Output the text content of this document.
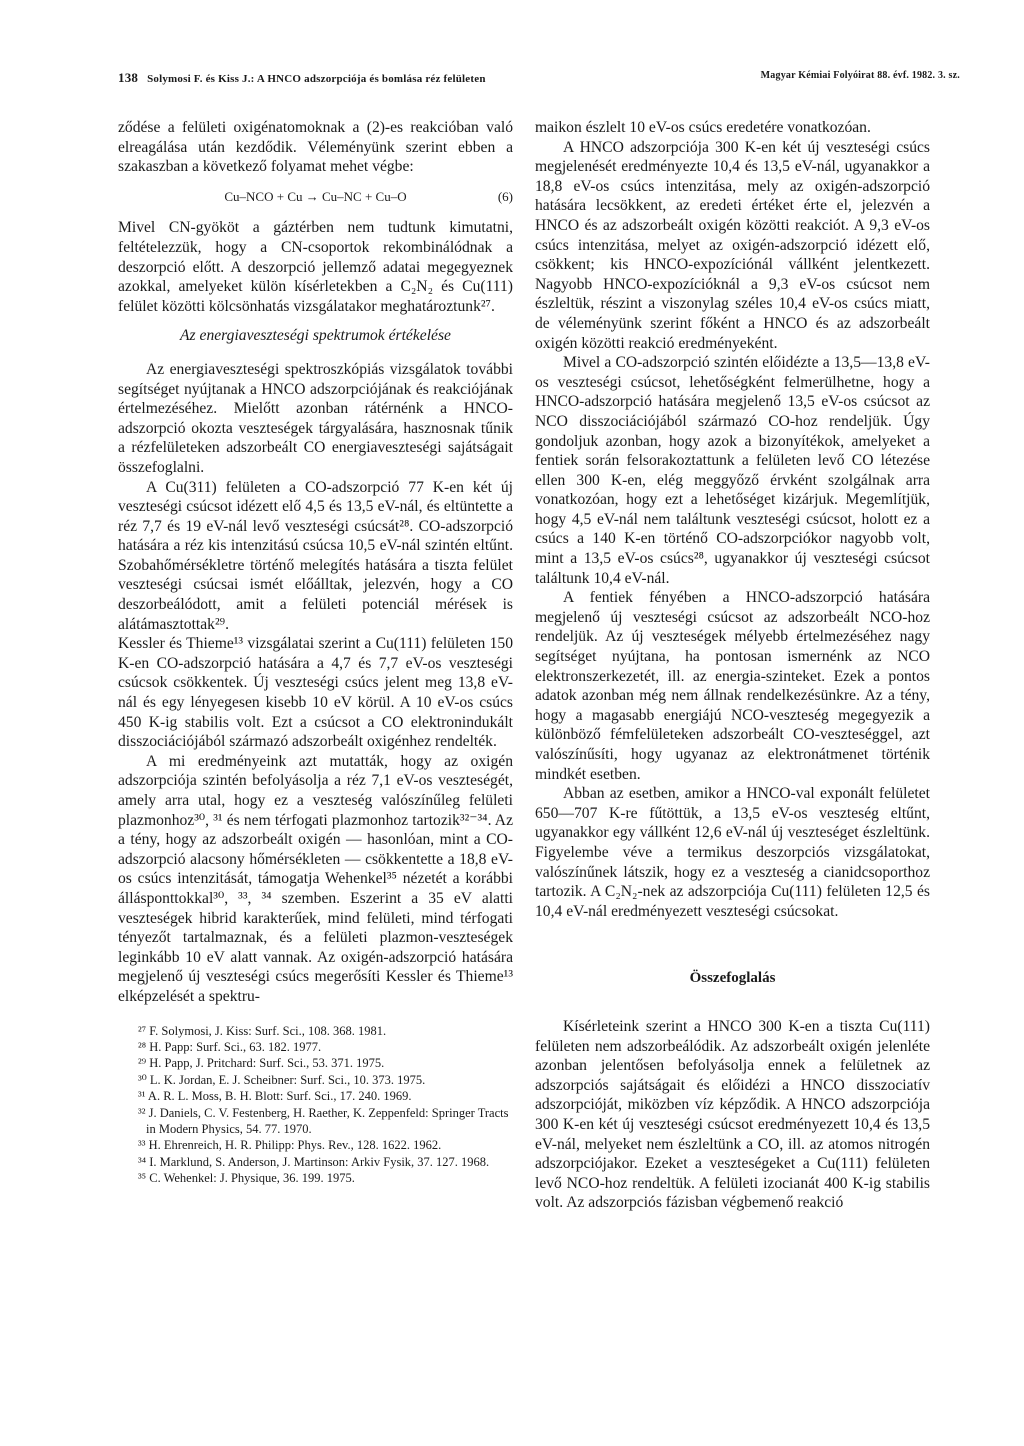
138 Solymosi F. és Kiss J.: A HNCO adszorpciója és bomlása réz felületen	Magyar Kémiai Folyóirat 88. évf. 1982. 3. sz.

ződése a felületi oxigénatomoknak a (2)-es reakcióban való elreagálása után kezdődik. Véleményünk szerint ebben a szakaszban a következő folyamat mehet végbe:

Cu–NCO + Cu → Cu–NC + Cu–O	(6)

Mivel CN-gyököt a gáztérben nem tudtunk kimutatni, feltételezzük, hogy a CN-csoportok rekombinálódnak a deszorpció előtt. A deszorpció jellemző adatai megegyeznek azokkal, amelyeket külön kísérletekben a C₂N₂ és Cu(111) felület közötti kölcsönhatás vizsgálatakor meghatároztunk²⁷.

Az energiaveszteségi spektrumok értékelése

Az energiaveszteségi spektroszkópiás vizsgálatok további segítséget nyújtanak a HNCO adszorpciójának és reakciójának értelmezéséhez. Mielőtt azonban rátérnénk a HNCO-adszorpció okozta veszteségek tárgyalására, hasznosnak tűnik a rézfelületeken adszorbeált CO energiaveszteségi sajátságait összefoglalni.

A Cu(311) felületen a CO-adszorpció 77 K-en két új veszteségi csúcsot idézett elő 4,5 és 13,5 eV-nál, és eltüntette a réz 7,7 és 19 eV-nál levő veszteségi csúcsát²⁸. CO-adszorpció hatására a réz kis intenzitású csúcsa 10,5 eV-nál szintén eltűnt. Szobahőmérsékletre történő melegítés hatására a tiszta felület veszteségi csúcsai ismét előálltak, jelezvén, hogy a CO deszorbeálódott, amit a felületi potenciál mérések is alátámasztottak²⁹.

Kessler és Thieme¹³ vizsgálatai szerint a Cu(111) felületen 150 K-en CO-adszorpció hatására a 4,7 és 7,7 eV-os veszteségi csúcsok csökkentek. Új veszteségi csúcs jelent meg 13,8 eV-nál és egy lényegesen kisebb 10 eV körül. A 10 eV-os csúcs 450 K-ig stabilis volt. Ezt a csúcsot a CO elektronindukált disszociációjából származó adszorbeált oxigénhez rendelték.

A mi eredményeink azt mutatták, hogy az oxigén adszorpciója szintén befolyásolja a réz 7,1 eV-os veszteségét, amely arra utal, hogy ez a veszteség valószínűleg felületi plazmonhoz³⁰, ³¹ és nem térfogati plazmonhoz tartozik³²⁻³⁴. Az a tény, hogy az adszorbeált oxigén — hasonlóan, mint a CO-adszorpció alacsony hőmérsékleten — csökkentette a 18,8 eV-os csúcs intenzitását, támogatja Wehenkel³⁵ nézetét a korábbi állásponttokkal³⁰, ³³, ³⁴ szemben. Eszerint a 35 eV alatti veszteségek hibrid karakterűek, mind felületi, mind térfogati tényezőt tartalmaznak, és a felületi plazmon-veszteségek leginkább 10 eV alatt vannak. Az oxigén-adszorpció hatására megjelenő új veszteségi csúcs megerősíti Kessler és Thieme¹³ elképzelését a spektru-

²⁷ F. Solymosi, J. Kiss: Surf. Sci., 108. 368. 1981.
²⁸ H. Papp: Surf. Sci., 63. 182. 1977.
²⁹ H. Papp, J. Pritchard: Surf. Sci., 53. 371. 1975.
³⁰ L. K. Jordan, E. J. Scheibner: Surf. Sci., 10. 373. 1975.
³¹ A. R. L. Moss, B. H. Blott: Surf. Sci., 17. 240. 1969.
³² J. Daniels, C. V. Festenberg, H. Raether, K. Zeppenfeld: Springer Tracts in Modern Physics, 54. 77. 1970.
³³ H. Ehrenreich, H. R. Philipp: Phys. Rev., 128. 1622. 1962.
³⁴ I. Marklund, S. Anderson, J. Martinson: Arkiv Fysik, 37. 127. 1968.
³⁵ C. Wehenkel: J. Physique, 36. 199. 1975.

maikon észlelt 10 eV-os csúcs eredetére vonatkozóan.

A HNCO adszorpciója 300 K-en két új veszteségi csúcs megjelenését eredményezte 10,4 és 13,5 eV-nál, ugyanakkor a 18,8 eV-os csúcs intenzitása, mely az oxigén-adszorpció hatására lecsökkent, az eredeti értéket érte el, jelezvén a HNCO és az adszorbeált oxigén közötti reakciót. A 9,3 eV-os csúcs intenzitása, melyet az oxigén-adszorpció idézett elő, csökkent; kis HNCO-expozíciónál vállként jelentkezett. Nagyobb HNCO-expozícióknál a 9,3 eV-os csúcsot nem észleltük, részint a viszonylag széles 10,4 eV-os csúcs miatt, de véleményünk szerint főként a HNCO és az adszorbeált oxigén közötti reakció eredményeként.

Mivel a CO-adszorpció szintén előidézte a 13,5—13,8 eV-os veszteségi csúcsot, lehetőségként felmerülhetne, hogy a HNCO-adszorpció hatására megjelenő 13,5 eV-os csúcsot az NCO disszociációjából származó CO-hoz rendeljük. Úgy gondoljuk azonban, hogy azok a bizonyítékok, amelyeket a fentiek során felsorakoztattunk a felületen levő CO létezése ellen 300 K-en, elég meggyőző érvként szolgálnak arra vonatkozóan, hogy ezt a lehetőséget kizárjuk. Megemlítjük, hogy 4,5 eV-nál nem találtunk veszteségi csúcsot, holott ez a csúcs a 140 K-en történő CO-adszorpciókor nagyobb volt, mint a 13,5 eV-os csúcs²⁸, ugyanakkor új veszteségi csúcsot találtunk 10,4 eV-nál.

A fentiek fényében a HNCO-adszorpció hatására megjelenő új veszteségi csúcsot az adszorbeált NCO-hoz rendeljük. Az új veszteségek mélyebb értelmezéséhez nagy segítséget nyújtana, ha pontosan ismernénk az NCO elektronszerkezetét, ill. az energia-szinteket. Ezek a pontos adatok azonban még nem állnak rendelkezésünkre. Az a tény, hogy a magasabb energiájú NCO-veszteség megegyezik a különböző fémfelületeken adszorbeált CO-veszteséggel, azt valószínűsíti, hogy ugyanaz az elektronátmenet történik mindkét esetben.

Abban az esetben, amikor a HNCO-val exponált felületet 650—707 K-re fűtöttük, a 13,5 eV-os veszteség eltűnt, ugyanakkor egy vállként 12,6 eV-nál új veszteséget észleltünk. Figyelembe véve a termikus deszorpciós vizsgálatokat, valószínűnek látszik, hogy ez a veszteség a cianidcsoporthoz tartozik. A C₂N₂-nek az adszorpciója Cu(111) felületen 12,5 és 10,4 eV-nál eredményezett veszteségi csúcsokat.

Összefoglalás

Kísérleteink szerint a HNCO 300 K-en a tiszta Cu(111) felületen nem adszorbeálódik. Az adszorbeált oxigén jelenléte azonban jelentősen befolyásolja ennek a felületnek az adszorpciós sajátságait és előidézi a HNCO disszociatív adszorpcióját, miközben víz képződik. A HNCO adszorpciója 300 K-en két új veszteségi csúcsot eredményezett 10,4 és 13,5 eV-nál, melyeket nem észleltünk a CO, ill. az atomos nitrogén adszorpciójakor. Ezeket a veszteségeket a Cu(111) felületen levő NCO-hoz rendeltük. A felületi izocianát 400 K-ig stabilis volt. Az adszorpciós fázisban végbemenő reakció
